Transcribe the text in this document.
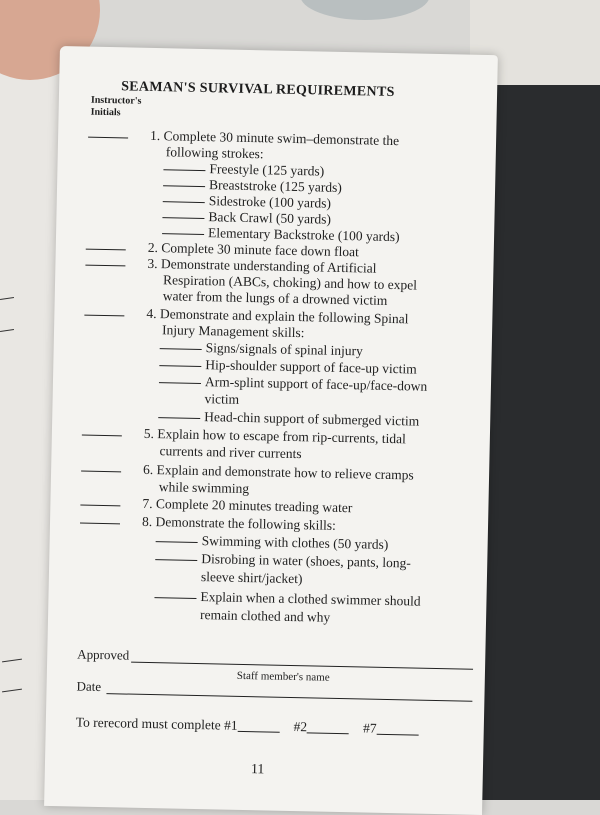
SEAMAN'S SURVIVAL REQUIREMENTS
Instructor's
Initials
1. Complete 30 minute swim–demonstrate the
following strokes:
Freestyle (125 yards)
Breaststroke (125 yards)
Sidestroke (100 yards)
Back Crawl (50 yards)
Elementary Backstroke (100 yards)
2. Complete 30 minute face down float
3. Demonstrate understanding of Artificial
Respiration (ABCs, choking) and how to expel
water from the lungs of a drowned victim
4. Demonstrate and explain the following Spinal
Injury Management skills:
Signs/signals of spinal injury
Hip-shoulder support of face-up victim
Arm-splint support of face-up/face-down
victim
Head-chin support of submerged victim
5. Explain how to escape from rip-currents, tidal
currents and river currents
6. Explain and demonstrate how to relieve cramps
while swimming
7. Complete 20 minutes treading water
8. Demonstrate the following skills:
Swimming with clothes (50 yards)
Disrobing in water (shoes, pants, long-
sleeve shirt/jacket)
Explain when a clothed swimmer should
remain clothed and why
Approved
Staff member's name
Date
To rerecord must complete #1	#2	#7
11
